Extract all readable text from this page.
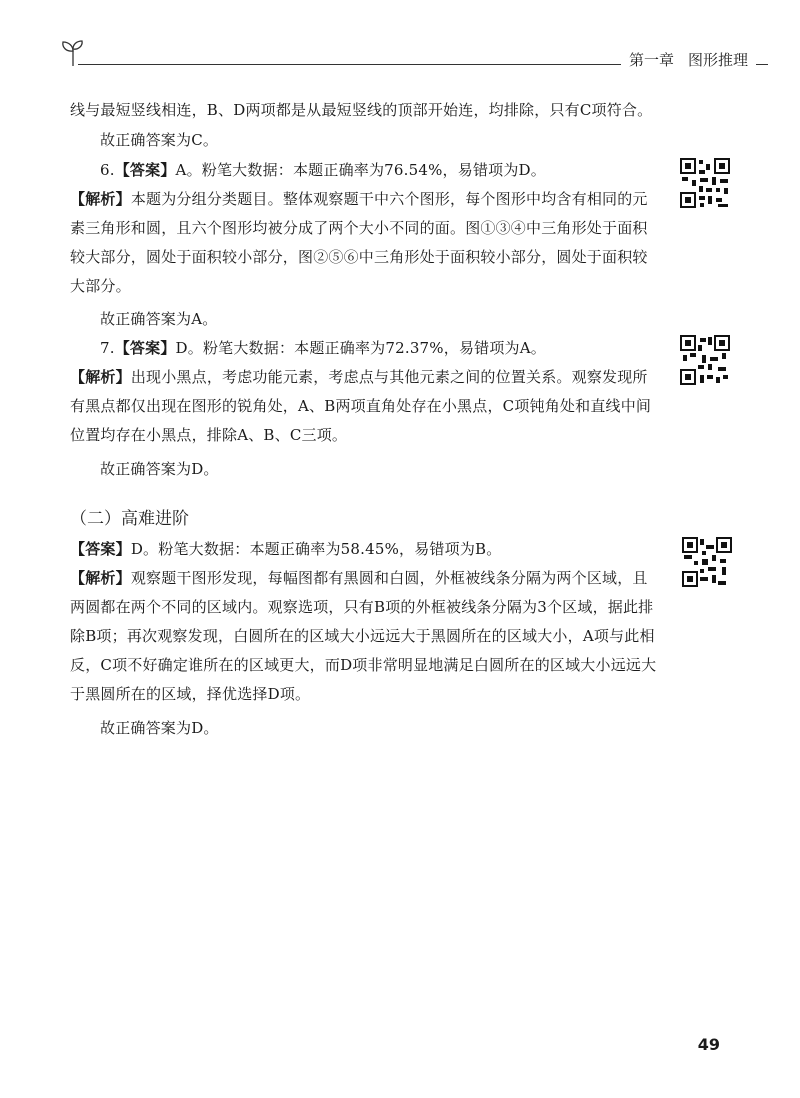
第一章 图形推理
线与最短竖线相连，B、D两项都是从最短竖线的顶部开始连，均排除，只有C项符合。
故正确答案为C。
6.【答案】A。粉笔大数据：本题正确率为76.54%，易错项为D。
【解析】本题为分组分类题目。整体观察题干中六个图形，每个图形中均含有相同的元素三角形和圆，且六个图形均被分成了两个大小不同的面。图①③④中三角形处于面积较大部分，圆处于面积较小部分，图②⑤⑥中三角形处于面积较小部分，圆处于面积较大部分。
故正确答案为A。
7.【答案】D。粉笔大数据：本题正确率为72.37%，易错项为A。
【解析】出现小黑点，考虑功能元素，考虑点与其他元素之间的位置关系。观察发现所有黑点都仅出现在图形的锐角处，A、B两项直角处存在小黑点，C项钝角处和直线中间位置均存在小黑点，排除A、B、C三项。
故正确答案为D。
（二）高难进阶
【答案】D。粉笔大数据：本题正确率为58.45%，易错项为B。
【解析】观察题干图形发现，每幅图都有黑圆和白圆，外框被线条分隔为两个区域，且两圆都在两个不同的区域内。观察选项，只有B项的外框被线条分隔为3个区域，据此排除B项；再次观察发现，白圆所在的区域大小远远大于黑圆所在的区域大小，A项与此相反，C项不好确定谁所在的区域更大，而D项非常明显地满足白圆所在的区域大小远远大于黑圆所在的区域，择优选择D项。
故正确答案为D。
49
